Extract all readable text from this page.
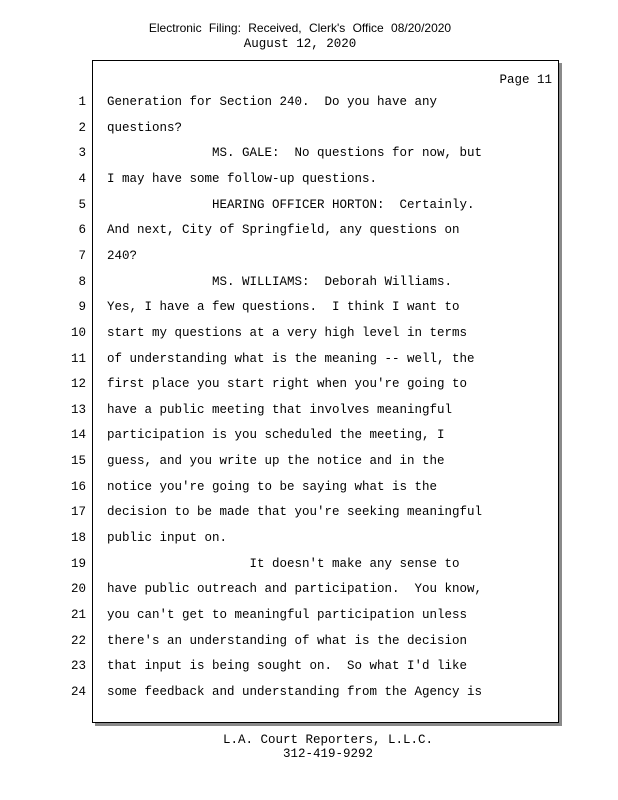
Electronic Filing: Received, Clerk's Office 08/20/2020
August 12, 2020
Page 11
1 Generation for Section 240.  Do you have any
2 questions?
3 MS. GALE:  No questions for now, but
4 I may have some follow-up questions.
5 HEARING OFFICER HORTON:  Certainly.
6 And next, City of Springfield, any questions on
7 240?
8 MS. WILLIAMS:  Deborah Williams.
9 Yes, I have a few questions.  I think I want to
10 start my questions at a very high level in terms
11 of understanding what is the meaning -- well, the
12 first place you start right when you're going to
13 have a public meeting that involves meaningful
14 participation is you scheduled the meeting, I
15 guess, and you write up the notice and in the
16 notice you're going to be saying what is the
17 decision to be made that you're seeking meaningful
18 public input on.
19 It doesn't make any sense to
20 have public outreach and participation.  You know,
21 you can't get to meaningful participation unless
22 there's an understanding of what is the decision
23 that input is being sought on.  So what I'd like
24 some feedback and understanding from the Agency is
L.A. Court Reporters, L.L.C.
312-419-9292
